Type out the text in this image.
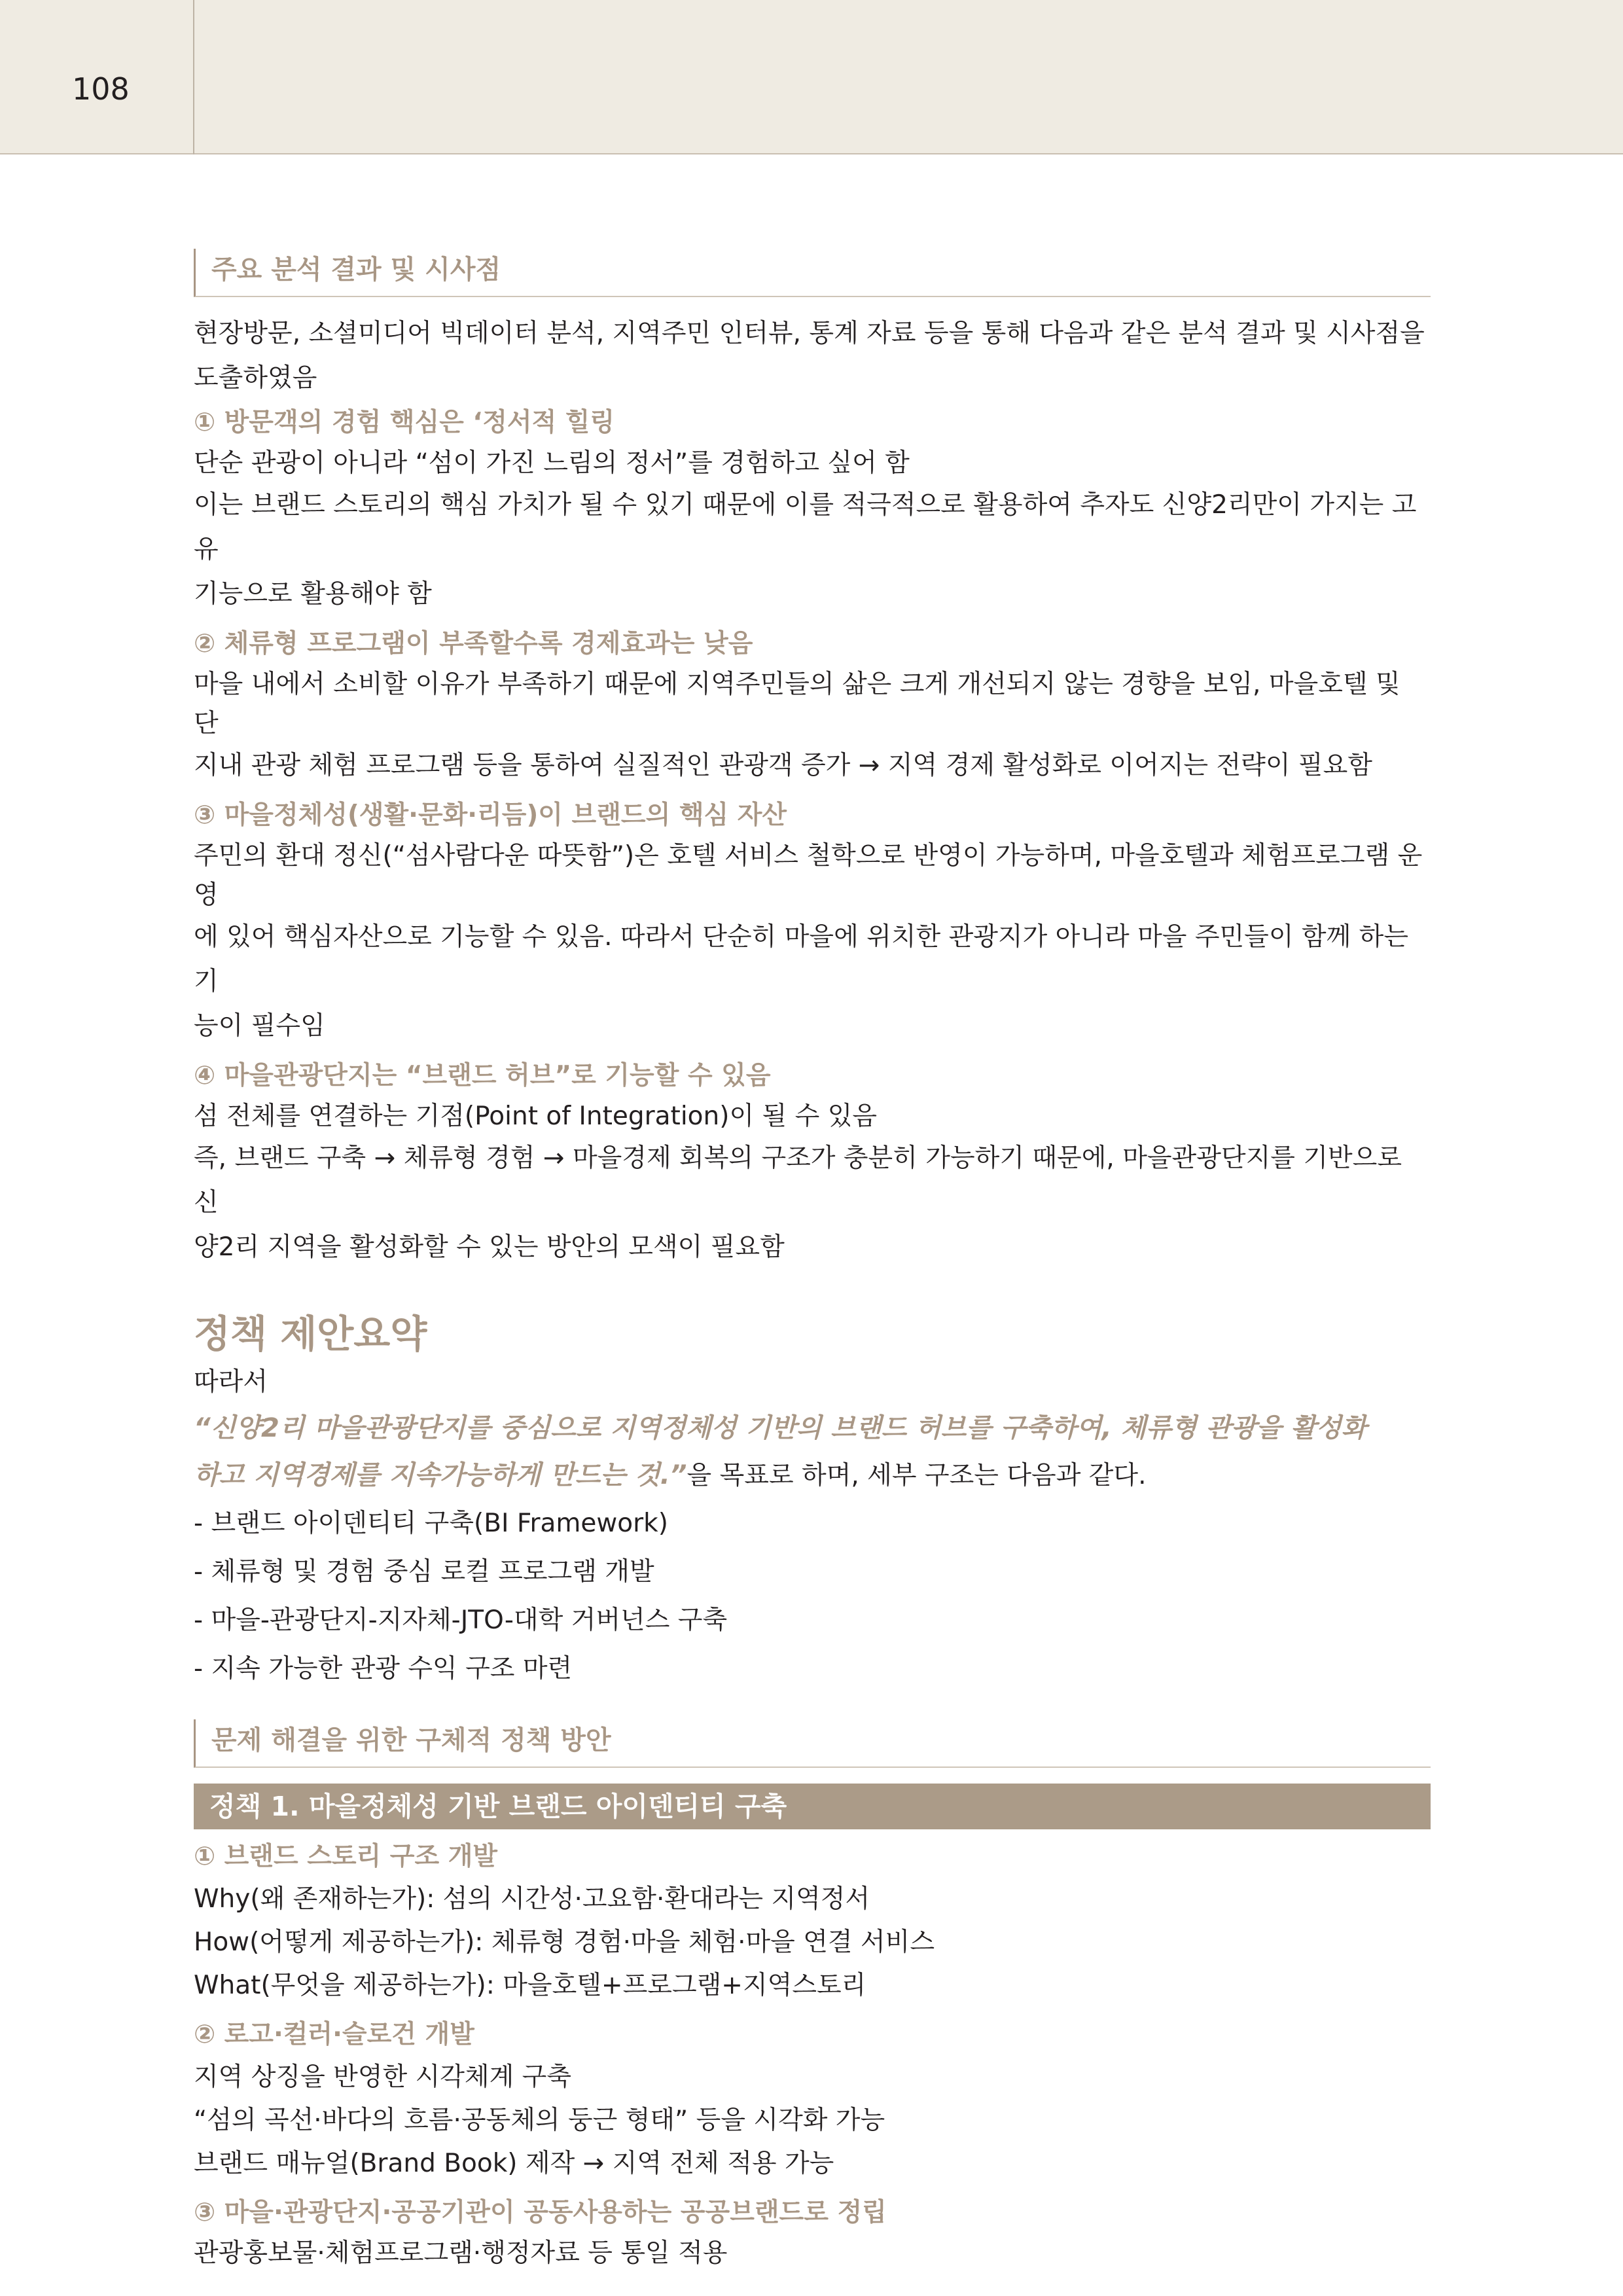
108
주요 분석 결과 및 시사점

현장방문, 소셜미디어 빅데이터 분석, 지역주민 인터뷰, 통계 자료 등을 통해 다음과 같은 분석 결과 및 시사점을

도출하였음

① 방문객의 경험 핵심은 ‘정서적 힐링

단순 관광이 아니라 “섬이 가진 느림의 정서”를 경험하고 싶어 함

이는 브랜드 스토리의 핵심 가치가 될 수 있기 때문에 이를 적극적으로 활용하여 추자도 신양2리만이 가지는 고유

기능으로 활용해야 함

② 체류형 프로그램이 부족할수록 경제효과는 낮음

마을 내에서 소비할 이유가 부족하기 때문에 지역주민들의 삶은 크게 개선되지 않는 경향을 보임, 마을호텔 및 단

지내 관광 체험 프로그램 등을 통하여 실질적인 관광객 증가 → 지역 경제 활성화로 이어지는 전략이 필요함

③ 마을정체성(생활·문화·리듬)이 브랜드의 핵심 자산

주민의 환대 정신(“섬사람다운 따뜻함”)은 호텔 서비스 철학으로 반영이 가능하며, 마을호텔과 체험프로그램 운영

에 있어 핵심자산으로 기능할 수 있음. 따라서 단순히 마을에 위치한 관광지가 아니라 마을 주민들이 함께 하는 기

능이 필수임

④ 마을관광단지는 “브랜드 허브”로 기능할 수 있음

섬 전체를 연결하는 기점(Point of Integration)이 될 수 있음

즉, 브랜드 구축 → 체류형 경험 → 마을경제 회복의 구조가 충분히 가능하기 때문에, 마을관광단지를 기반으로 신

양2리 지역을 활성화할 수 있는 방안의 모색이 필요함

정책 제안요약

따라서

“신양2리 마을관광단지를 중심으로 지역정체성 기반의 브랜드 허브를 구축하여, 체류형 관광을 활성화
하고 지역경제를 지속가능하게 만드는 것.”을 목표로 하며, 세부 구조는 다음과 같다.

- 브랜드 아이덴티티 구축(BI Framework)

- 체류형 및 경험 중심 로컬 프로그램 개발

- 마을-관광단지-지자체-JTO-대학 거버넌스 구축

- 지속 가능한 관광 수익 구조 마련

문제 해결을 위한 구체적 정책 방안
정책 1. 마을정체성 기반 브랜드 아이덴티티 구축

① 브랜드 스토리 구조 개발

Why(왜 존재하는가): 섬의 시간성·고요함·환대라는 지역정서

How(어떻게 제공하는가): 체류형 경험·마을 체험·마을 연결 서비스

What(무엇을 제공하는가): 마을호텔+프로그램+지역스토리

② 로고·컬러·슬로건 개발

지역 상징을 반영한 시각체계 구축

“섬의 곡선·바다의 흐름·공동체의 둥근 형태” 등을 시각화 가능

브랜드 매뉴얼(Brand Book) 제작 → 지역 전체 적용 가능

③ 마을·관광단지·공공기관이 공동사용하는 공공브랜드로 정립

관광홍보물·체험프로그램·행정자료 등 통일 적용
